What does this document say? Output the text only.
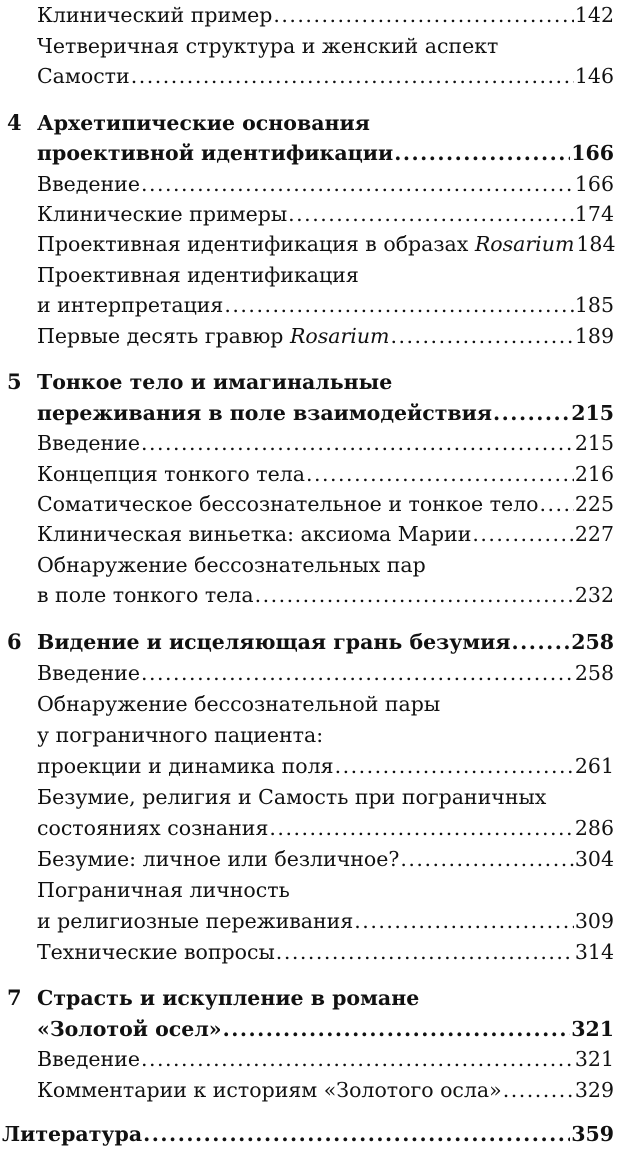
Клинический пример .....	142
Четверичная структура и женский аспект
Самости .....	146
4 Архетипические основания
проективной идентификации .....	166
Введение .....	166
Клинические примеры .....	174
Проективная идентификация в образах Rosarium 184
Проективная идентификация
и интерпретация .....	185
Первые десять гравюр Rosarium .....	189
5 Тонкое тело и имагинальные
переживания в поле взаимодействия .....	215
Введение .....	215
Концепция тонкого тела .....	216
Соматическое бессознательное и тонкое тело ..... 225
Клиническая виньетка: аксиома Марии .....	227
Обнаружение бессознательных пар
в поле тонкого тела .....	232
6 Видение и исцеляющая грань безумия .....	258
Введение .....	258
Обнаружение бессознательной пары
у пограничного пациента:
проекции и динамика поля .....	261
Безумие, религия и Самость при пограничных
состояниях сознания .....	286
Безумие: личное или безличное? .....	304
Пограничная личность
и религиозные переживания .....	309
Технические вопросы .....	314
7 Страсть и искупление в романе
«Золотой осел» .....	321
Введение .....	321
Комментарии к историям «Золотого осла» .....	329
Литература .....	359
